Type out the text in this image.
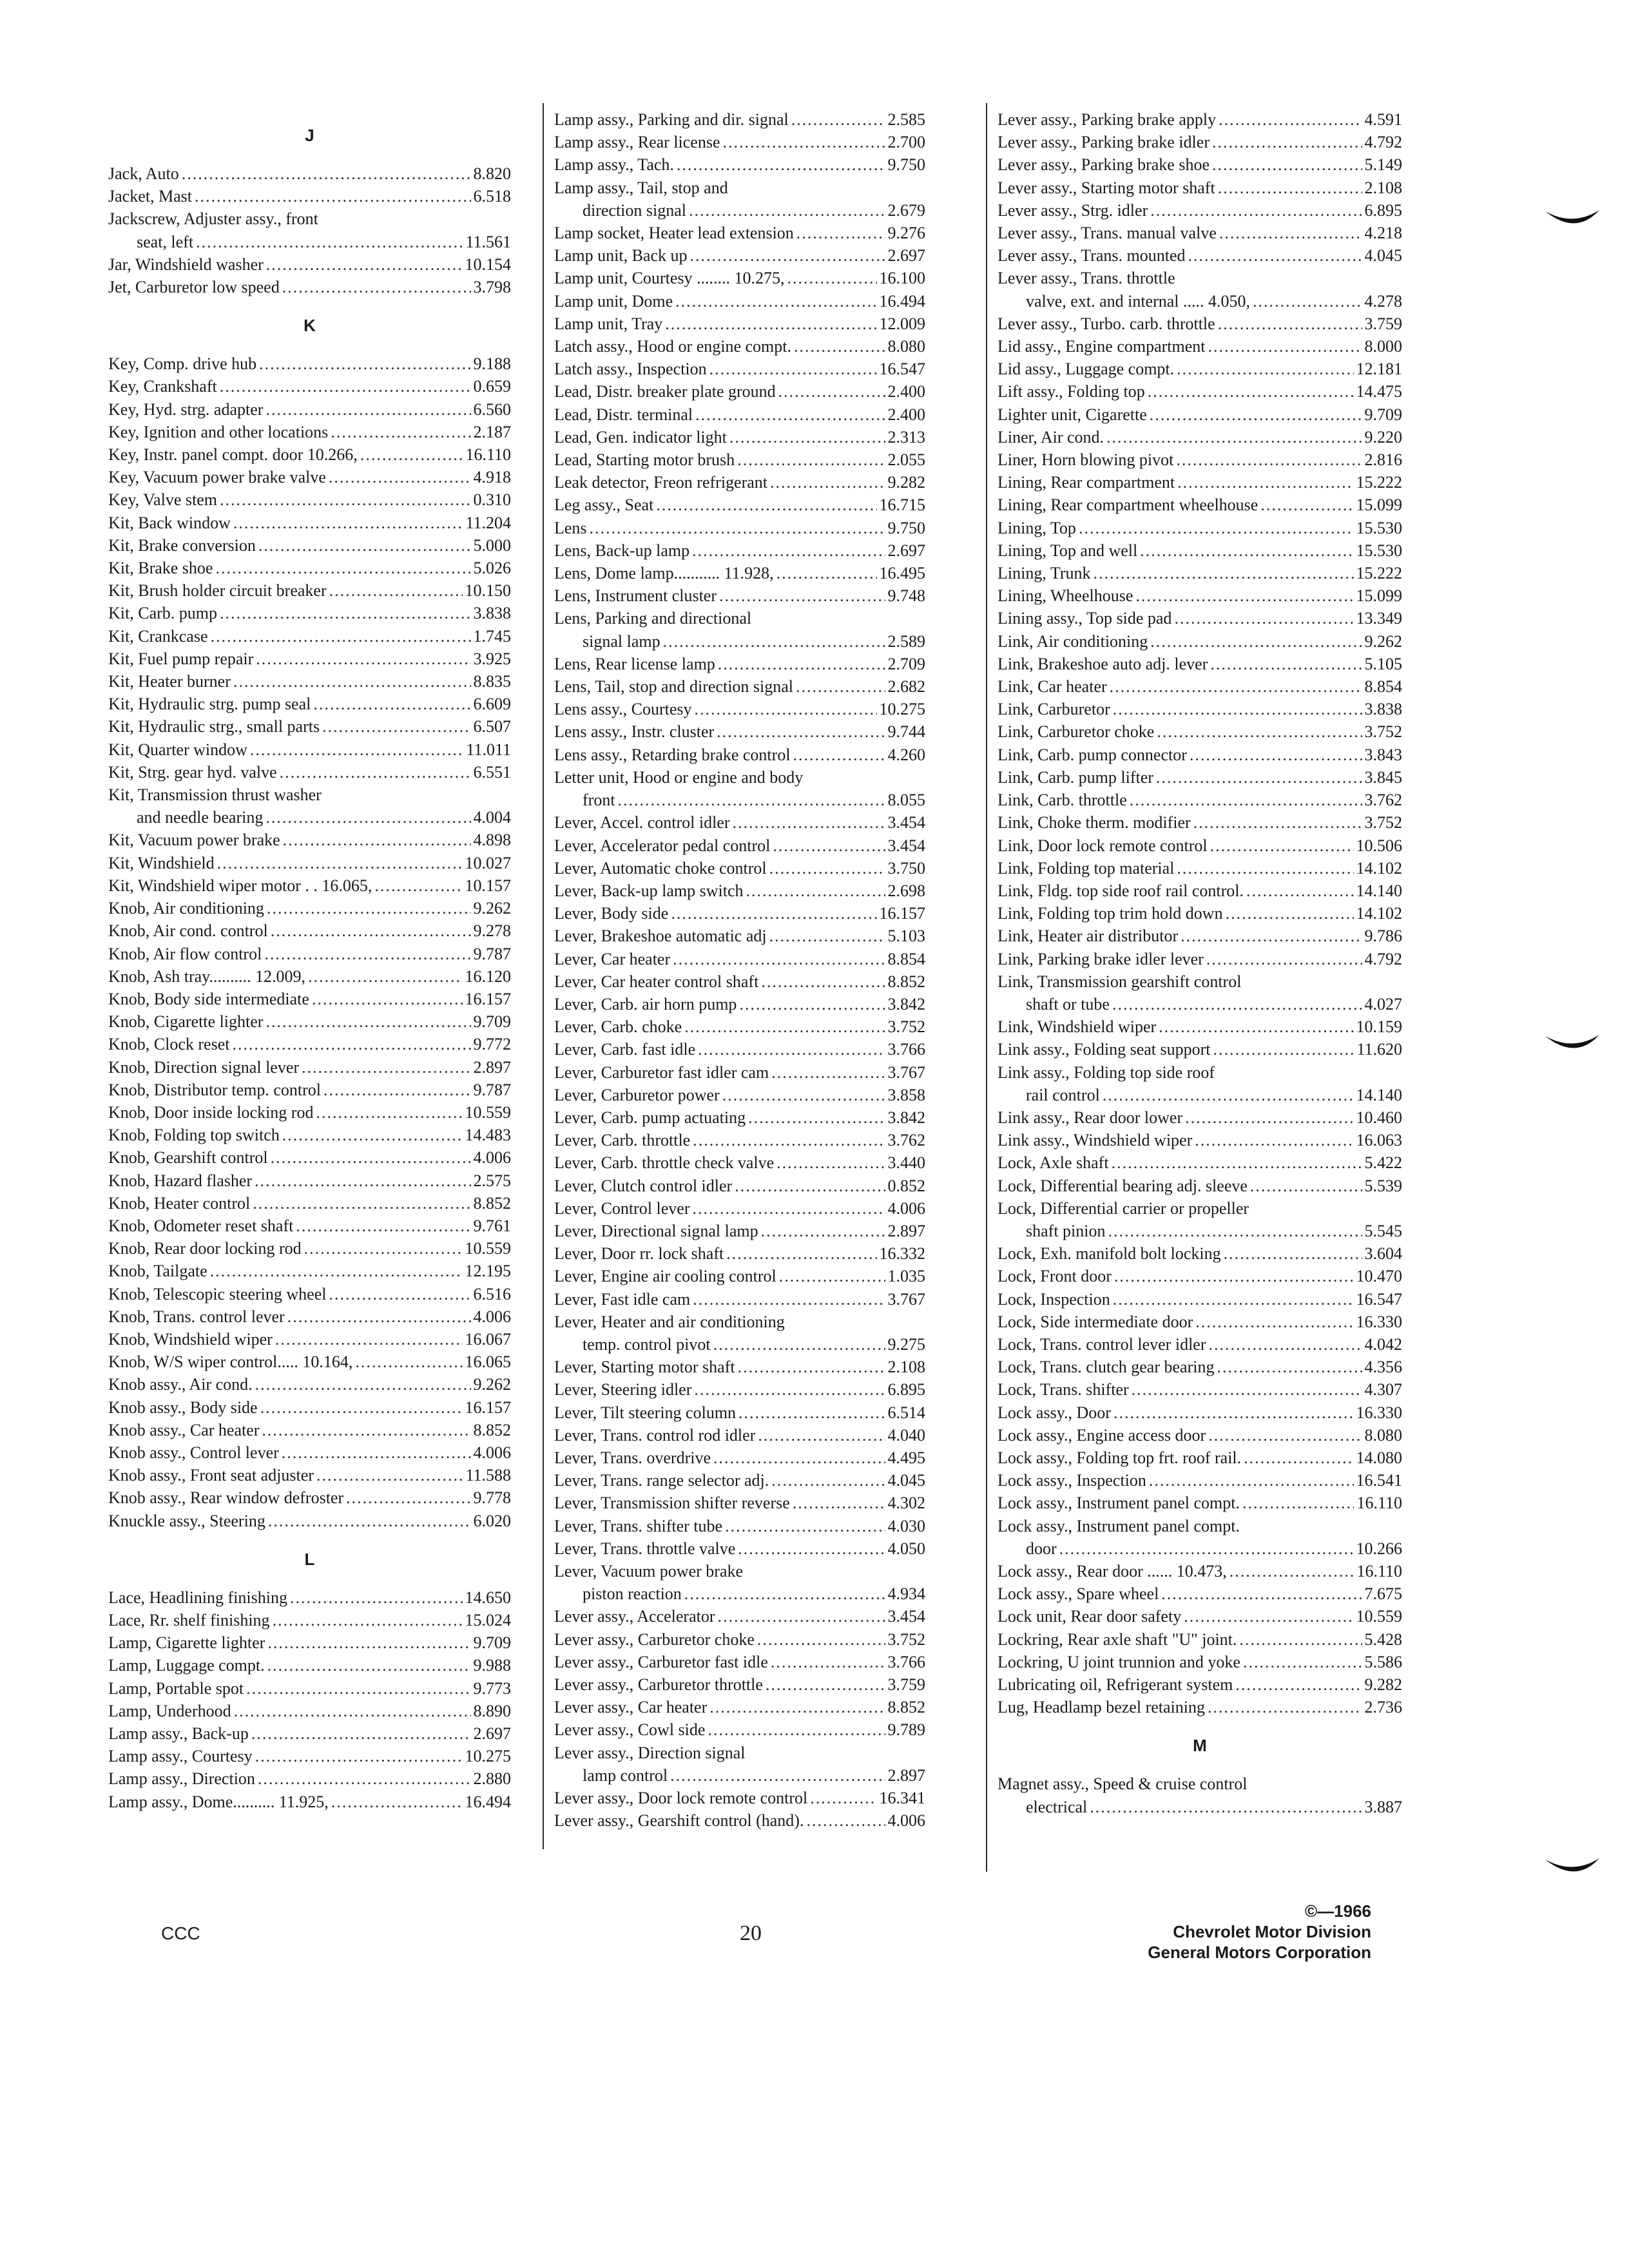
J
Jack, Auto .....	8.820
Jacket, Mast .....	6.518
Jackscrew, Adjuster assy., front
seat, left .....	11.561
Jar, Windshield washer .....	10.154
Jet, Carburetor low speed .....	3.798
K
Key, Comp. drive hub .....	9.188
Key, Crankshaft .....	0.659
Key, Hyd. strg. adapter .....	6.560
Key, Ignition and other locations .....	2.187
Key, Instr. panel compt. door 10.266, .....	16.110
Key, Vacuum power brake valve .....	4.918
Key, Valve stem .....	0.310
Kit, Back window .....	11.204
Kit, Brake conversion .....	5.000
Kit, Brake shoe .....	5.026
Kit, Brush holder circuit breaker .....	10.150
Kit, Carb. pump .....	3.838
Kit, Crankcase .....	1.745
Kit, Fuel pump repair .....	3.925
Kit, Heater burner .....	8.835
Kit, Hydraulic strg. pump seal .....	6.609
Kit, Hydraulic strg., small parts .....	6.507
Kit, Quarter window .....	11.011
Kit, Strg. gear hyd. valve .....	6.551
Kit, Transmission thrust washer
and needle bearing .....	4.004
Kit, Vacuum power brake .....	4.898
Kit, Windshield .....	10.027
Kit, Windshield wiper motor . . 16.065, .....	10.157
Knob, Air conditioning .....	9.262
Knob, Air cond. control .....	9.278
Knob, Air flow control .....	9.787
Knob, Ash tray.......... 12.009, .....	16.120
Knob, Body side intermediate .....	16.157
Knob, Cigarette lighter .....	9.709
Knob, Clock reset .....	9.772
Knob, Direction signal lever .....	2.897
Knob, Distributor temp. control .....	9.787
Knob, Door inside locking rod .....	10.559
Knob, Folding top switch .....	14.483
Knob, Gearshift control .....	4.006
Knob, Hazard flasher .....	2.575
Knob, Heater control .....	8.852
Knob, Odometer reset shaft .....	9.761
Knob, Rear door locking rod .....	10.559
Knob, Tailgate .....	12.195
Knob, Telescopic steering wheel .....	6.516
Knob, Trans. control lever .....	4.006
Knob, Windshield wiper .....	16.067
Knob, W/S wiper control..... 10.164, .....	16.065
Knob assy., Air cond. .....	9.262
Knob assy., Body side .....	16.157
Knob assy., Car heater .....	8.852
Knob assy., Control lever .....	4.006
Knob assy., Front seat adjuster .....	11.588
Knob assy., Rear window defroster .....	9.778
Knuckle assy., Steering .....	6.020
L
Lace, Headlining finishing .....	14.650
Lace, Rr. shelf finishing .....	15.024
Lamp, Cigarette lighter .....	9.709
Lamp, Luggage compt. .....	9.988
Lamp, Portable spot .....	9.773
Lamp, Underhood .....	8.890
Lamp assy., Back-up .....	2.697
Lamp assy., Courtesy .....	10.275
Lamp assy., Direction .....	2.880
Lamp assy., Dome.......... 11.925, .....	16.494
Lamp assy., Parking and dir. signal .....	2.585
Lamp assy., Rear license .....	2.700
Lamp assy., Tach. .....	9.750
Lamp assy., Tail, stop and
direction signal .....	2.679
Lamp socket, Heater lead extension .....	9.276
Lamp unit, Back up .....	2.697
Lamp unit, Courtesy ........ 10.275, .....	16.100
Lamp unit, Dome .....	16.494
Lamp unit, Tray .....	12.009
Latch assy., Hood or engine compt. .....	8.080
Latch assy., Inspection .....	16.547
Lead, Distr. breaker plate ground .....	2.400
Lead, Distr. terminal .....	2.400
Lead, Gen. indicator light .....	2.313
Lead, Starting motor brush .....	2.055
Leak detector, Freon refrigerant .....	9.282
Leg assy., Seat .....	16.715
Lens .....	9.750
Lens, Back-up lamp .....	2.697
Lens, Dome lamp........... 11.928, .....	16.495
Lens, Instrument cluster .....	9.748
Lens, Parking and directional
signal lamp .....	2.589
Lens, Rear license lamp .....	2.709
Lens, Tail, stop and direction signal .....	2.682
Lens assy., Courtesy .....	10.275
Lens assy., Instr. cluster .....	9.744
Lens assy., Retarding brake control .....	4.260
Letter unit, Hood or engine and body
front .....	8.055
Lever, Accel. control idler .....	3.454
Lever, Accelerator pedal control .....	3.454
Lever, Automatic choke control .....	3.750
Lever, Back-up lamp switch .....	2.698
Lever, Body side .....	16.157
Lever, Brakeshoe automatic adj .....	5.103
Lever, Car heater .....	8.854
Lever, Car heater control shaft .....	8.852
Lever, Carb. air horn pump .....	3.842
Lever, Carb. choke .....	3.752
Lever, Carb. fast idle .....	3.766
Lever, Carburetor fast idler cam .....	3.767
Lever, Carburetor power .....	3.858
Lever, Carb. pump actuating .....	3.842
Lever, Carb. throttle .....	3.762
Lever, Carb. throttle check valve .....	3.440
Lever, Clutch control idler .....	0.852
Lever, Control lever .....	4.006
Lever, Directional signal lamp .....	2.897
Lever, Door rr. lock shaft .....	16.332
Lever, Engine air cooling control .....	1.035
Lever, Fast idle cam .....	3.767
Lever, Heater and air conditioning
temp. control pivot .....	9.275
Lever, Starting motor shaft .....	2.108
Lever, Steering idler .....	6.895
Lever, Tilt steering column .....	6.514
Lever, Trans. control rod idler .....	4.040
Lever, Trans. overdrive .....	4.495
Lever, Trans. range selector adj. .....	4.045
Lever, Transmission shifter reverse .....	4.302
Lever, Trans. shifter tube .....	4.030
Lever, Trans. throttle valve .....	4.050
Lever, Vacuum power brake
piston reaction .....	4.934
Lever assy., Accelerator .....	3.454
Lever assy., Carburetor choke .....	3.752
Lever assy., Carburetor fast idle .....	3.766
Lever assy., Carburetor throttle .....	3.759
Lever assy., Car heater .....	8.852
Lever assy., Cowl side .....	9.789
Lever assy., Direction signal
lamp control .....	2.897
Lever assy., Door lock remote control .....	16.341
Lever assy., Gearshift control (hand). .....	4.006
Lever assy., Parking brake apply .....	4.591
Lever assy., Parking brake idler .....	4.792
Lever assy., Parking brake shoe .....	5.149
Lever assy., Starting motor shaft .....	2.108
Lever assy., Strg. idler .....	6.895
Lever assy., Trans. manual valve .....	4.218
Lever assy., Trans. mounted .....	4.045
Lever assy., Trans. throttle
valve, ext. and internal ..... 4.050, .....	4.278
Lever assy., Turbo. carb. throttle .....	3.759
Lid assy., Engine compartment .....	8.000
Lid assy., Luggage compt. .....	12.181
Lift assy., Folding top .....	14.475
Lighter unit, Cigarette .....	9.709
Liner, Air cond. .....	9.220
Liner, Horn blowing pivot .....	2.816
Lining, Rear compartment .....	15.222
Lining, Rear compartment wheelhouse .....	15.099
Lining, Top .....	15.530
Lining, Top and well .....	15.530
Lining, Trunk .....	15.222
Lining, Wheelhouse .....	15.099
Lining assy., Top side pad .....	13.349
Link, Air conditioning .....	9.262
Link, Brakeshoe auto adj. lever .....	5.105
Link, Car heater .....	8.854
Link, Carburetor .....	3.838
Link, Carburetor choke .....	3.752
Link, Carb. pump connector .....	3.843
Link, Carb. pump lifter .....	3.845
Link, Carb. throttle .....	3.762
Link, Choke therm. modifier .....	3.752
Link, Door lock remote control .....	10.506
Link, Folding top material .....	14.102
Link, Fldg. top side roof rail control. .....	14.140
Link, Folding top trim hold down .....	14.102
Link, Heater air distributor .....	9.786
Link, Parking brake idler lever .....	4.792
Link, Transmission gearshift control
shaft or tube .....	4.027
Link, Windshield wiper .....	10.159
Link assy., Folding seat support .....	11.620
Link assy., Folding top side roof
rail control .....	14.140
Link assy., Rear door lower .....	10.460
Link assy., Windshield wiper .....	16.063
Lock, Axle shaft .....	5.422
Lock, Differential bearing adj. sleeve .....	5.539
Lock, Differential carrier or propeller
shaft pinion .....	5.545
Lock, Exh. manifold bolt locking .....	3.604
Lock, Front door .....	10.470
Lock, Inspection .....	16.547
Lock, Side intermediate door .....	16.330
Lock, Trans. control lever idler .....	4.042
Lock, Trans. clutch gear bearing .....	4.356
Lock, Trans. shifter .....	4.307
Lock assy., Door .....	16.330
Lock assy., Engine access door .....	8.080
Lock assy., Folding top frt. roof rail. .....	14.080
Lock assy., Inspection .....	16.541
Lock assy., Instrument panel compt. .....	16.110
Lock assy., Instrument panel compt.
door .....	10.266
Lock assy., Rear door ...... 10.473, .....	16.110
Lock assy., Spare wheel .....	7.675
Lock unit, Rear door safety .....	10.559
Lockring, Rear axle shaft "U" joint. .....	5.428
Lockring, U joint trunnion and yoke .....	5.586
Lubricating oil, Refrigerant system .....	9.282
Lug, Headlamp bezel retaining .....	2.736
M
Magnet assy., Speed & cruise control
electrical .....	3.887
CCC	20
©—1966
Chevrolet Motor Division
General Motors Corporation
